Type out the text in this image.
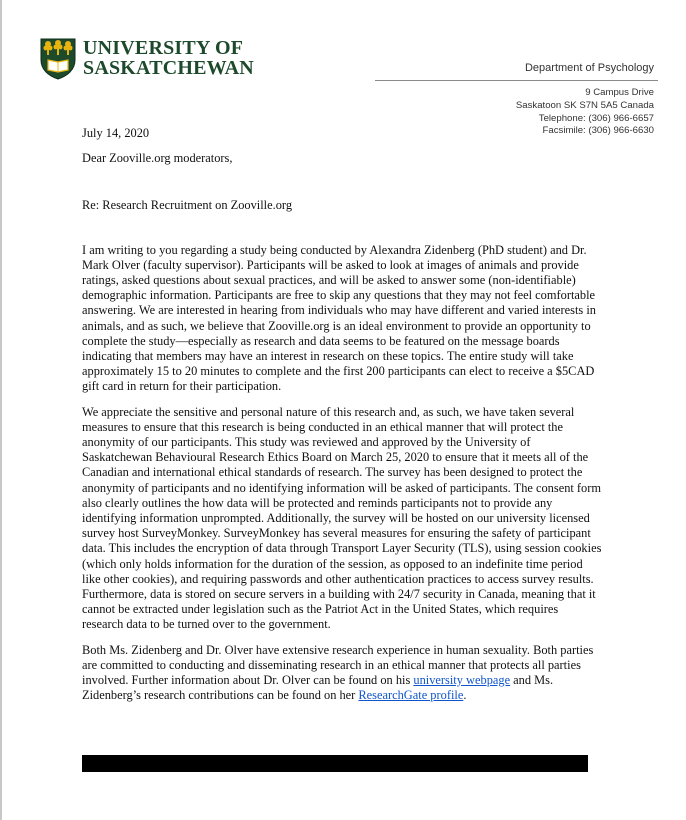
UNIVERSITY OF
SASKATCHEWAN	Department of Psychology
9 Campus Drive
Saskatoon SK S7N 5A5 Canada
Telephone: (306) 966-6657
Facsimile: (306) 966-6630

July 14, 2020

Dear Zooville.org moderators,

Re: Research Recruitment on Zooville.org

I am writing to you regarding a study being conducted by Alexandra Zidenberg (PhD student) and Dr. Mark Olver (faculty supervisor). Participants will be asked to look at images of animals and provide ratings, asked questions about sexual practices, and will be asked to answer some (non-identifiable) demographic information. Participants are free to skip any questions that they may not feel comfortable answering. We are interested in hearing from individuals who may have different and varied interests in animals, and as such, we believe that Zooville.org is an ideal environment to provide an opportunity to complete the study—especially as research and data seems to be featured on the message boards indicating that members may have an interest in research on these topics. The entire study will take approximately 15 to 20 minutes to complete and the first 200 participants can elect to receive a $5CAD gift card in return for their participation.

We appreciate the sensitive and personal nature of this research and, as such, we have taken several measures to ensure that this research is being conducted in an ethical manner that will protect the anonymity of our participants. This study was reviewed and approved by the University of Saskatchewan Behavioural Research Ethics Board on March 25, 2020 to ensure that it meets all of the Canadian and international ethical standards of research. The survey has been designed to protect the anonymity of participants and no identifying information will be asked of participants. The consent form also clearly outlines the how data will be protected and reminds participants not to provide any identifying information unprompted. Additionally, the survey will be hosted on our university licensed survey host SurveyMonkey. SurveyMonkey has several measures for ensuring the safety of participant data. This includes the encryption of data through Transport Layer Security (TLS), using session cookies (which only holds information for the duration of the session, as opposed to an indefinite time period like other cookies), and requiring passwords and other authentication practices to access survey results. Furthermore, data is stored on secure servers in a building with 24/7 security in Canada, meaning that it cannot be extracted under legislation such as the Patriot Act in the United States, which requires research data to be turned over to the government.

Both Ms. Zidenberg and Dr. Olver have extensive research experience in human sexuality. Both parties are committed to conducting and disseminating research in an ethical manner that protects all parties involved. Further information about Dr. Olver can be found on his university webpage and Ms. Zidenberg’s research contributions can be found on her ResearchGate profile.
